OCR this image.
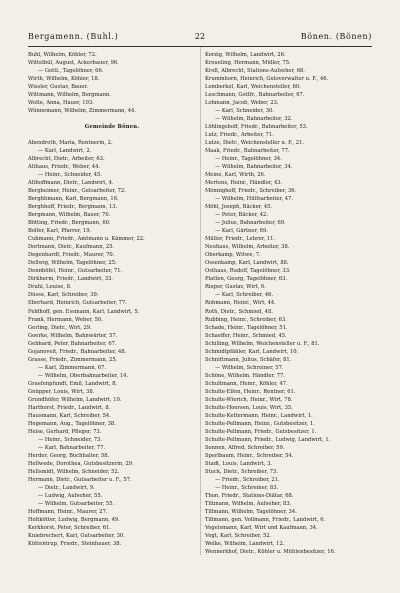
Bergamenn. (Buhl.)	22	Bönen. (Bönen)
Buhl, Wilhelm, Köhler, 72.
Wittelbül, August, Ackerbauer, 96.
— Gottl., Tagelöhner, 66.
Wirth, Wilhelm, Köhler, 18.
Wissler, Gustav, Bauer.
Wittmann, Wilhelm, Bergmann.
Wolte, Anna, Hauer, 103.
Wünnemann, Wilhelm, Zimmermann, 44.
Gemeinde Bönen.
Abendroth, Maria, Rentnerin, 2.
— Karl, Landwirt, 2.
Albrecht, Dietr., Arbeiter, 63.
Althaus, Friedr., Weber, 44.
— Heinr., Schneider, 45.
Althoffmann, Dietr., Landwirt, 4.
Bergheimer, Heinr., Gutsarbeiter, 72.
Berghhmann, Karl, Bergmann, 16.
Berghhoff, Friedr., Bergmann, 13.
Bergmann, Wilhelm, Bauer, 70.
Bötting, Friedr., Bergmann, 60.
Bolfer, Karl, Pfarrer, 19.
Cuhmann, Friedr., Amtmann u. Kämmer, 22.
Dortmann, Dietr., Kaufmann, 25.
Degenhardt, Friedr., Maurer, 70.
Dellwig, Wilhelm, Tagelöhner, 25.
Dennhöfel, Heinr., Gutsarbeiter, 71.
Dirkherm, Friedr., Landwirt, 33.
Drahl, Louise, 8.
Düsse, Karl, Schreiber, 39.
Eberhard, Heinrich, Gutsarbeiter, 77.
Feldhoff, gen. Essmann, Karl, Landwirt, 5.
Frank, Hermann, Weber, 50.
Gerling, Dietr., Wirt, 29.
Goerke, Wilhelm, Bahnwärter, 57.
Gebhard, Peter, Bahnarbeiter, 67.
Gojanoveit, Friedr., Bahnarbeiter, 48.
Grasse, Friedr., Zimmermann, 25.
— Karl, Zimmermann, 67.
— Wilhelm, Oberbahnarbeiter, 14.
Graefenpfundt, Emil, Landwirt, 8.
Gnüpper, Louis, Wirt, 38.
Grundhöfer, Wilhelm, Landwirt, 10.
Harthorst, Friedr., Landwirt, 8.
Hausmann, Karl, Schreiber, 54.
Hegemann, Aug., Tagelöhner, 38.
Heise, Gerhard, Pfleger, 73.
— Heinr., Schneider, 73.
— Karl, Bahnarbeiter, 77.
Herder, Georg, Buchhalter, 58.
Hellwede, Dorothea, Gutsbesitzerin, 29.
Hellsmidt, Wilhelm, Schneider, 52.
Hermann, Dietr., Gutsarbeiter u. F., 57.
— Dietr., Landwirt, 9.
— Ludwig, Aufseher, 55.
— Wilhelm, Gutsarbeiter, 55.
Hoffmann, Heinr., Maurer, 27.
Holtkötter, Ludwig, Bergmann, 49.
Kerkhorst, Peter, Schreiber, 61.
Kniebrechert, Karl, Gutsarbeiter, 30.
Küttentrup, Friedr., Steinhauer, 38.
Kerzig, Wilhelm, Landwirt, 26.
Kreueling, Hermann, Müller, 75.
Kroll, Albrecht, Stations-Aufseher, 68.
Krummhorn, Heinrich, Gutsverwalter u. F., 46.
Lemberkel, Karl, Weichensteller, 60.
Leschmann, Gottfr., Bahnarbeiter, 67.
Lohmann, Jacob, Weber, 23.
— Karl, Schneider, 30.
— Wilhelm, Bahnarbeiter, 32.
Löhlingshoff, Friedr., Bahnarbeiter, 53.
Lutz, Friedr., Arbeiter, 71.
Lutze, Dietr., Weichensteller u. F., 21.
Maak, Friedr., Bahnarbeiter, 77.
— Heinr., Tagelöhner, 34.
— Wilhelm, Bahnarbeiter, 34.
Meine, Karl, Wirth, 26.
Mertens, Heinr., Händler, 43.
Mönnighoff, Friedr., Schreiber, 36.
— Wilhelm, Hülfsarbeiter, 47.
Möhl, Joseph, Bäcker, 45.
— Peter, Bäcker, 42.
— Julius, Bahnarbeiter, 69.
— Karl, Gärtner, 69.
Müller, Friedr., Lehrer, 11.
Neuhaus, Wilhelm, Arbeiter, 38.
Oberkamp, Witwe, 7.
Ossenkamp, Karl, Landwirt, 88.
Osthaus, Rudolf, Tagelöhner, 33.
Platten, Georg, Tagelöhner, 63.
Rieper, Gustav, Wirt, 6.
— Karl, Schreiber, 46.
Rohmann, Heinr., Wirt, 44.
Roth, Dietr., Schmied, 48.
Rubbing, Heinr., Schreiber, 63.
Schade, Heinr., Tagelöhner, 51.
Schaeffer, Heinr., Schmied, 45.
Schilling, Wilhelm, Weichensteller u. F., 81.
Schmidtpfähler, Karl, Landwirt, 10.
Schnittmann, Julius, Schäfer, 81.
— Wilhelm, Schreiner, 57.
Schöne, Wilhelm, Händler, 77.
Schultmann, Heinr., Köhler, 47.
Schulte-Elfen, Heinr., Rentner, 61.
Schulte-Wierich, Heinr., Wirt, 78.
Schulte-Hoersen, Louis, Wirt, 35.
Schulte-Kettermann, Heinr., Landwirt, 1.
Schulte-Pellmann, Heinr., Gutsbesitzer, 1.
Schulte-Pellmann, Friedr., Gutsbesitzer, 1.
Schulte-Pellmann, Friedr., Ludwig, Landwirt, 1.
Sonnen, Alfred, Schreiber, 59.
Sperlbaum, Heinr., Schreiber, 54.
Stadt, Louis, Landwirt, 3.
Stuck, Dietr., Schreiber, 73.
— Friedr., Schreiber, 21.
— Heinr., Schreiner, 83.
Thon, Friedr., Stations-Diätar, 68.
Tiltmann, Wilhelm, Aufseher, 83.
Tillmann, Wilhelm, Tagelöhner, 34.
Tillmann, gen. Vollmann, Friedr., Landwirt, 6.
Vogelsmann, Karl, Wirt und Kaufmann, 34.
Vogt, Karl, Schreiber, 52.
Welke, Wilhelm, Landwirt, 12.
Wennerkhof, Dietr., Köhler u. Mühlenbesitzer, 16.
